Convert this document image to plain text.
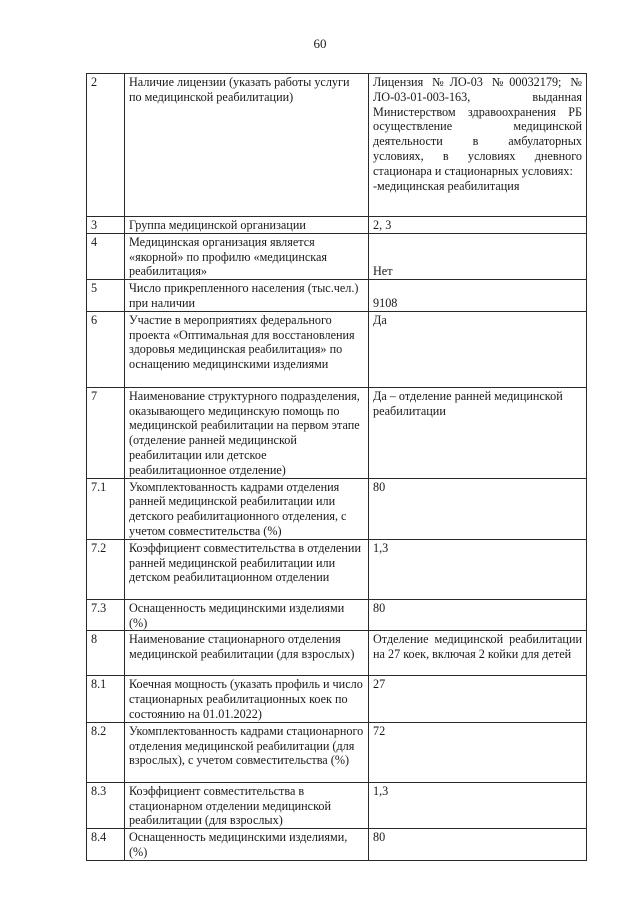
60
2	Наличие лицензии (указать работы услуги по медицинской реабилитации)	Лицензия №ЛО-03 №00032179; № ЛО-03-01-003-163, выданная Министерством здравоохранения РБ осуществление медицинской деятельности в амбулаторных условиях, в условиях дневного стационара и стационарных условиях:
-медицинская реабилитация
3	Группа медицинской организации	2, 3
4	Медицинская организация является «якорной» по профилю «медицинская реабилитация»	Нет
5	Число прикрепленного населения (тыс.чел.) при наличии	9108
6	Участие в мероприятиях федерального проекта «Оптимальная для восстановления здоровья медицинская реабилитация» по оснащению медицинскими изделиями	Да
7	Наименование структурного подразделения, оказывающего медицинскую помощь по медицинской реабилитации на первом этапе (отделение ранней медицинской реабилитации или детское реабилитационное отделение)	Да – отделение ранней медицинской реабилитации
7.1	Укомплектованность кадрами отделения ранней медицинской реабилитации или детского реабилитационного отделения, с учетом совместительства (%)	80
7.2	Коэффициент совместительства в отделении ранней медицинской реабилитации или детском реабилитационном отделении	1,3
7.3	Оснащенность медицинскими изделиями (%)	80
8	Наименование стационарного отделения медицинской реабилитации (для взрослых)	Отделение медицинской реабилитации на 27 коек, включая 2 койки для детей
8.1	Коечная мощность (указать профиль и число стационарных реабилитационных коек по состоянию на 01.01.2022)	27
8.2	Укомплектованность кадрами стационарного отделения медицинской реабилитации (для взрослых), с учетом совместительства (%)	72
8.3	Коэффициент совместительства в стационарном отделении медицинской реабилитации (для взрослых)	1,3
8.4	Оснащенность медицинскими изделиями, (%)	80
